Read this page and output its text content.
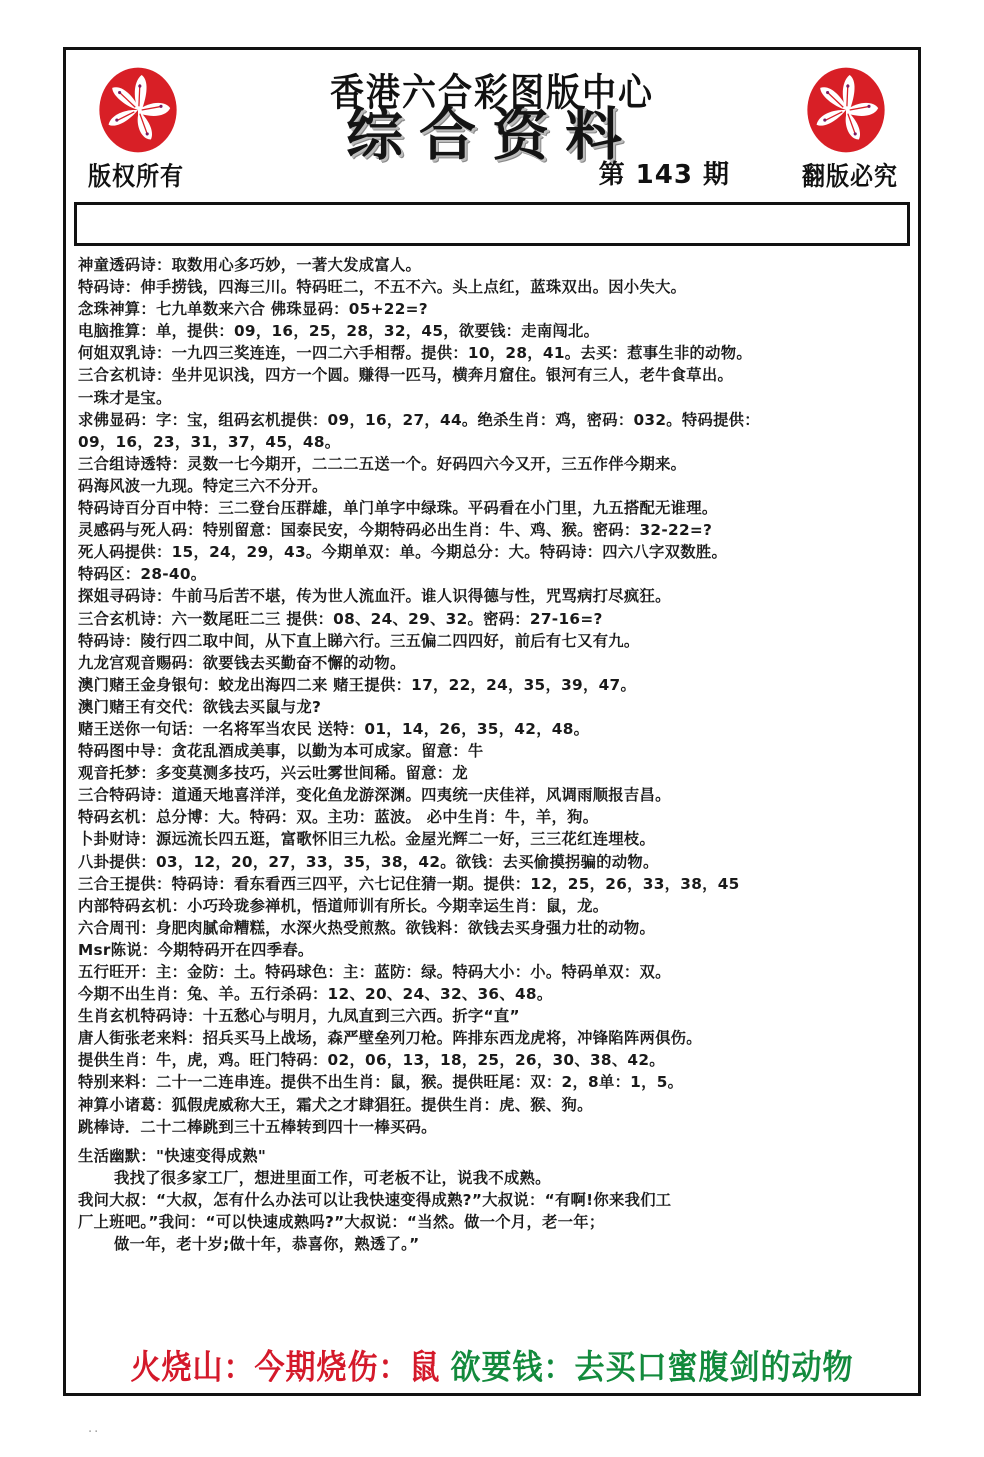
香港六合彩图版中心
综合资料
第 143 期
版权所有	翻版必究
神童透码诗：取数用心多巧妙，一著大发成富人。
特码诗：伸手捞钱，四海三川。特码旺二，不五不六。头上点红，蓝珠双出。因小失大。
念珠神算：七九单数来六合 佛珠显码：05+22=?
电脑推算：单，提供：09，16，25，28，32，45，欲要钱：走南闯北。
何姐双乳诗：一九四三奖连连，一四二六手相帮。提供：10，28，41。去买：惹事生非的动物。
三合玄机诗：坐井见识浅，四方一个圆。赚得一匹马，横奔月窟住。银河有三人，老牛食草出。
一珠才是宝。
求佛显码：字：宝，组码玄机提供：09，16，27，44。绝杀生肖：鸡，密码：032。特码提供：
09，16，23，31，37，45，48。
三合组诗透特：灵数一七今期开，二二二五送一个。好码四六今又开，三五作伴今期来。
码海风波一九现。特定三六不分开。
特码诗百分百中特：三二登台压群雄，单门单字中绿珠。平码看在小门里，九五搭配无谁理。
灵感码与死人码：特别留意：国泰民安，今期特码必出生肖：牛、鸡、猴。密码：32-22=?
死人码提供：15，24，29，43。今期单双：单。今期总分：大。特码诗：四六八字双数胜。
特码区：28-40。
探姐寻码诗：牛前马后苦不堪，传为世人流血汗。谁人识得德与性，咒骂病打尽疯狂。
三合玄机诗：六一数尾旺二三 提供：08、24、29、32。密码：27-16=?
特码诗：陵行四二取中间，从下直上睇六行。三五偏二四四好，前后有七又有九。
九龙宫观音赐码：欲要钱去买勤奋不懈的动物。
澳门赌王金身银句：蛟龙出海四二来 赌王提供：17，22，24，35，39，47。
澳门赌王有交代：欲钱去买鼠与龙?
赌王送你一句话：一名将军当农民 送特：01，14，26，35，42，48。
特码图中导：贪花乱酒成美事，以勤为本可成家。留意：牛
观音托梦：多变莫测多技巧，兴云吐雾世间稀。留意：龙
三合特码诗：道通天地喜洋洋，变化鱼龙游深渊。四夷统一庆佳祥，风调雨顺报吉昌。
特码玄机：总分博：大。特码：双。主功：蓝波。 必中生肖：牛，羊，狗。
卜卦财诗：源远流长四五逛，富歌怀旧三九松。金屋光辉二一好，三三花红连埋枝。
八卦提供：03，12，20，27，33，35，38，42。欲钱：去买偷摸拐骗的动物。
三合王提供：特码诗：看东看西三四平，六七记住猜一期。提供：12，25，26，33，38，45
内部特码玄机：小巧玲珑参禅机，悟道师训有所长。今期幸运生肖：鼠，龙。
六合周刊：身肥肉腻命糟糕，水深火热受煎熬。欲钱料：欲钱去买身强力壮的动物。
Msr陈说：今期特码开在四季春。
五行旺开：主：金防：土。特码球色：主：蓝防：绿。特码大小：小。特码单双：双。
今期不出生肖：兔、羊。五行杀码：12、20、24、32、36、48。
生肖玄机特码诗：十五愁心与明月，九凤直到三六西。折字“直”
唐人街张老来料：招兵买马上战场，森严壁垒列刀枪。阵排东西龙虎将，冲锋陷阵两俱伤。
提供生肖：牛，虎，鸡。旺门特码：02，06，13，18，25，26，30、38、42。
特别来料：二十一二连串连。提供不出生肖：鼠，猴。提供旺尾：双：2，8单：1，5。
神算小诸葛：狐假虎威称大王，霜犬之才肆猖狂。提供生肖：虎、猴、狗。
跳棒诗．二十二棒跳到三十五棒转到四十一棒买码。
生活幽默："快速变得成熟"
我找了很多家工厂，想进里面工作，可老板不让，说我不成熟。
我问大叔：“大叔，怎有什么办法可以让我快速变得成熟?”大叔说：“有啊!你来我们工
厂上班吧。”我问：“可以快速成熟吗?”大叔说：“当然。做一个月，老一年；
做一年，老十岁;做十年，恭喜你，熟透了。”
火烧山：今期烧伤：鼠 欲要钱：去买口蜜腹剑的动物
··
